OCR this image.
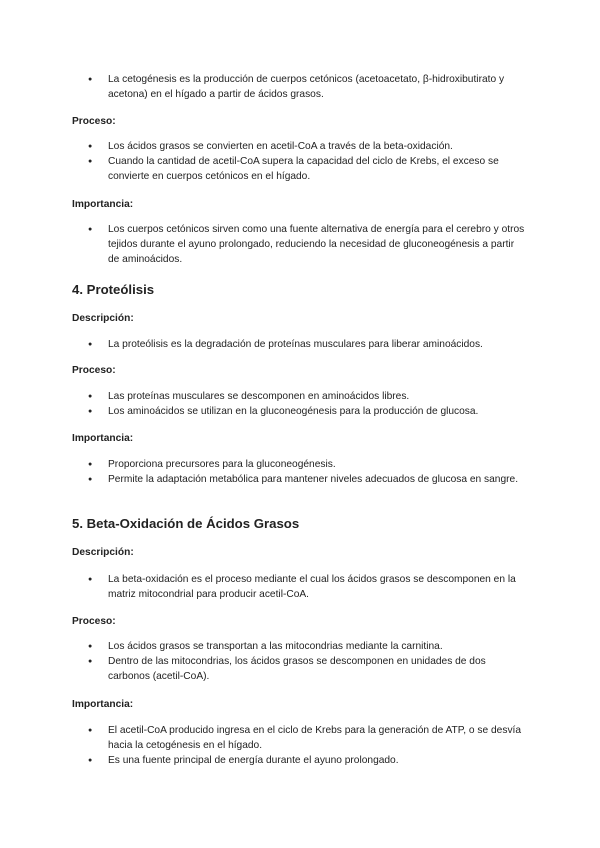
● La cetogénesis es la producción de cuerpos cetónicos (acetoacetato, β-hidroxibutirato y acetona) en el hígado a partir de ácidos grasos.
Proceso:
● Los ácidos grasos se convierten en acetil-CoA a través de la beta-oxidación.
● Cuando la cantidad de acetil-CoA supera la capacidad del ciclo de Krebs, el exceso se convierte en cuerpos cetónicos en el hígado.
Importancia:
● Los cuerpos cetónicos sirven como una fuente alternativa de energía para el cerebro y otros tejidos durante el ayuno prolongado, reduciendo la necesidad de gluconeogénesis a partir de aminoácidos.
4. Proteólisis
Descripción:
● La proteólisis es la degradación de proteínas musculares para liberar aminoácidos.
Proceso:
● Las proteínas musculares se descomponen en aminoácidos libres.
● Los aminoácidos se utilizan en la gluconeogénesis para la producción de glucosa.
Importancia:
● Proporciona precursores para la gluconeogénesis.
● Permite la adaptación metabólica para mantener niveles adecuados de glucosa en sangre.
5. Beta-Oxidación de Ácidos Grasos
Descripción:
● La beta-oxidación es el proceso mediante el cual los ácidos grasos se descomponen en la matriz mitocondrial para producir acetil-CoA.
Proceso:
● Los ácidos grasos se transportan a las mitocondrias mediante la carnitina.
● Dentro de las mitocondrias, los ácidos grasos se descomponen en unidades de dos carbonos (acetil-CoA).
Importancia:
● El acetil-CoA producido ingresa en el ciclo de Krebs para la generación de ATP, o se desvía hacia la cetogénesis en el hígado.
● Es una fuente principal de energía durante el ayuno prolongado.
